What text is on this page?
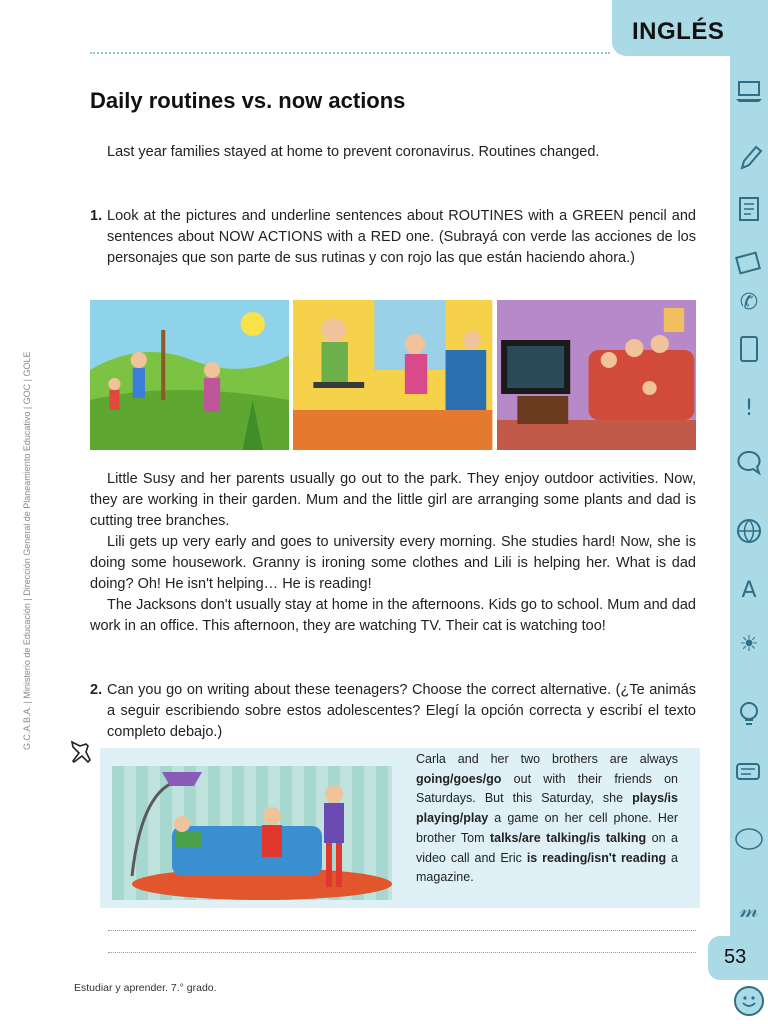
INGLÉS
✆
!
A
☀
𝓂
G.C.A.B.A. | Ministerio de Educación | Dirección General de Planeamiento Educativo | GOC | GOLE
Daily routines vs. now actions

Last year families stayed at home to prevent coronavirus. Routines changed.

1. Look at the pictures and underline sentences about ROUTINES with a GREEN pencil and sentences about NOW ACTIONS with a RED one. (Subrayá con verde las acciones de los personajes que son parte de sus rutinas y con rojo las que están haciendo ahora.)

Little Susy and her parents usually go out to the park. They enjoy outdoor activities. Now, they are working in their garden. Mum and the little girl are arranging some plants and dad is cutting tree branches.

Lili gets up very early and goes to university every morning. She studies hard! Now, she is doing some housework. Granny is ironing some clothes and Lili is helping her. What is dad doing? Oh! He isn't helping… He is reading!

The Jacksons don't usually stay at home in the afternoons. Kids go to school. Mum and dad work in an office. This afternoon, they are watching TV. Their cat is watching too!

2. Can you go on writing about these teenagers? Choose the correct alternative. (¿Te animás a seguir escribiendo sobre estos adolescentes? Elegí la opción correcta y escribí el texto completo debajo.)

Carla and her two brothers are always going/goes/go out with their friends on Saturdays. But this Saturday, she plays/is playing/play a game on her cell phone. Her brother Tom talks/are talking/is talking on a video call and Eric is reading/isn't reading a magazine.

53
Estudiar y aprender. 7.° grado.
